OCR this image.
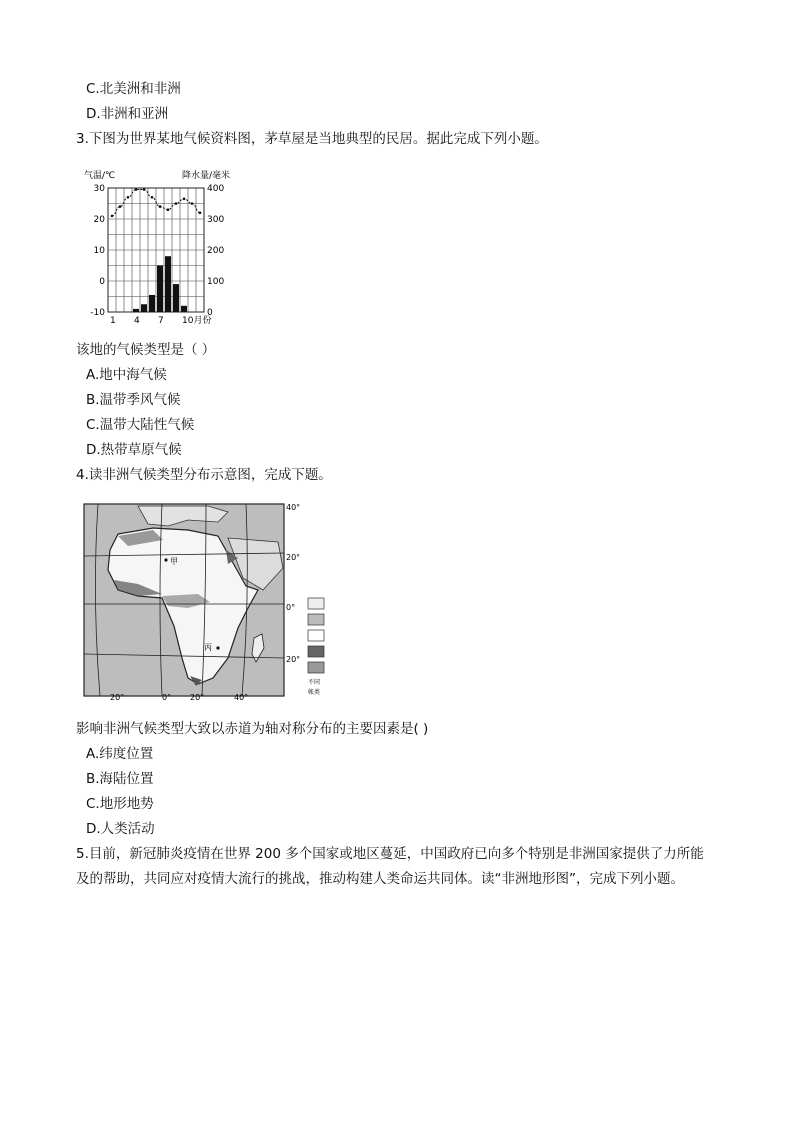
C.北美洲和非洲
D.非洲和亚洲
3.下图为世界某地气候资料图，茅草屋是当地典型的民居。据此完成下列小题。
气温/℃	降水量/毫米
30
20
10
0
-10
400
300
200
100
0
1 4 7 10月份
该地的气候类型是（ ）
A.地中海气候
B.温带季风气候
C.温带大陆性气候
D.热带草原气候
4.读非洲气候类型分布示意图，完成下题。
甲
丙
40°
20°
0°
20°
20°	0° 20°	40°
不同
帐类
影响非洲气候类型大致以赤道为轴对称分布的主要因素是( )
A.纬度位置
B.海陆位置
C.地形地势
D.人类活动
5.目前，新冠肺炎疫情在世界 200 多个国家或地区蔓延，中国政府已向多个特别是非洲国家提供了力所能及的帮助，共同应对疫情大流行的挑战，推动构建人类命运共同体。读“非洲地形图”，完成下列小题。
